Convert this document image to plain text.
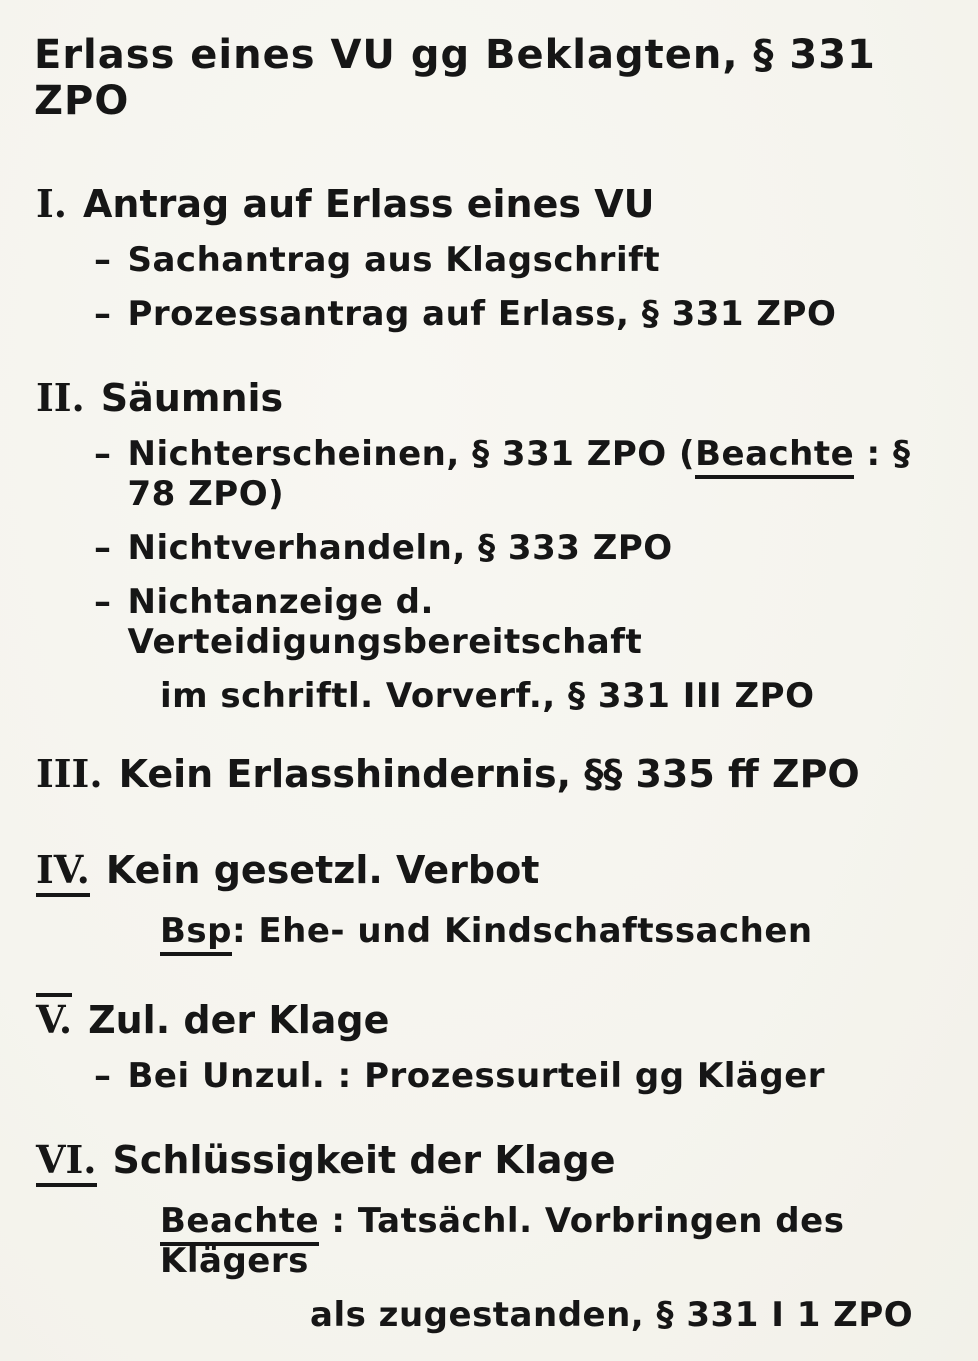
Erlass eines VU gg Beklagten, § 331 ZPO
I. Antrag auf Erlass eines VU
– Sachantrag aus Klagschrift
– Prozessantrag auf Erlass, § 331 ZPO
II. Säumnis
– Nichterscheinen, § 331 ZPO (Beachte : § 78 ZPO)
– Nichtverhandeln, § 333 ZPO
– Nichtanzeige d. Verteidigungsbereitschaft
im schriftl. Vorverf., § 331 III ZPO
III. Kein Erlasshindernis, §§ 335 ff ZPO
IV. Kein gesetzl. Verbot
Bsp: Ehe- und Kindschaftssachen
V. Zul. der Klage
– Bei Unzul. : Prozessurteil gg Kläger
VI. Schlüssigkeit der Klage
Beachte : Tatsächl. Vorbringen des Klägers
als zugestanden, § 331 I 1 ZPO
